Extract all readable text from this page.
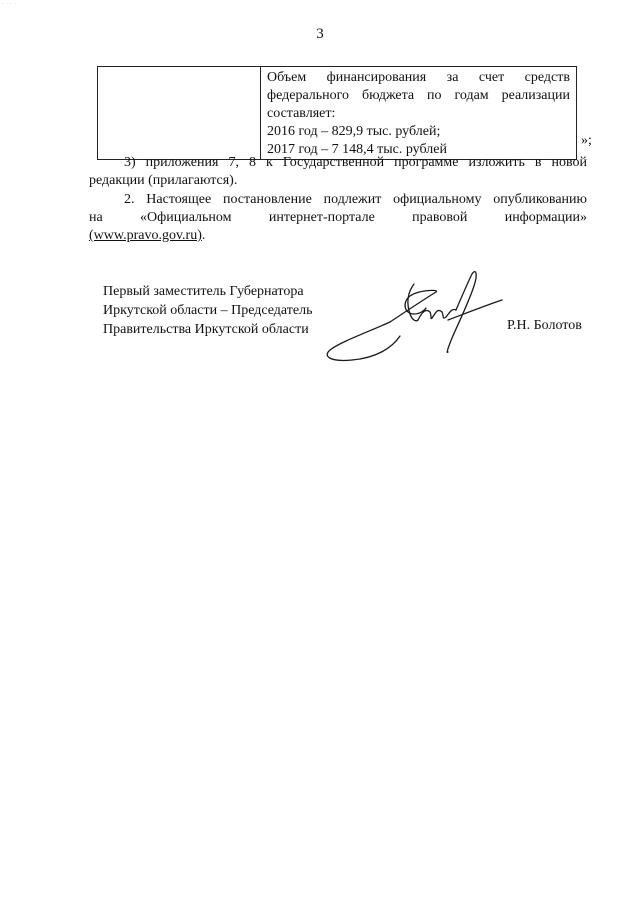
· ·· ·
3

Объем финансирования за счет средств
федерального бюджета по годам реализации
составляет:
2016 год – 829,9 тыс. рублей;
2017 год – 7 148,4 тыс. рублей
»;
3) приложения 7, 8 к Государственной программе изложить в новой
редакции (прилагаются).
2. Настоящее постановление подлежит официальному опубликованию
на «Официальном интернет-портале правовой информации»
(www.pravo.gov.ru).
Первый заместитель Губернатора
Иркутской области – Председатель
Правительства Иркутской области	Р.Н. Болотов
